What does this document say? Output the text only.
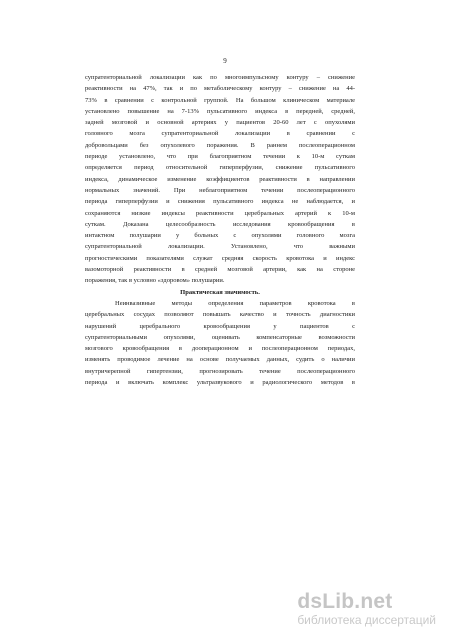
9
супратенториальной локализации как по многоимпульсному контуру – снижение
реактивности на 47%, так и по метаболическому контуру – снижение на 44-
73% в сравнении с контрольной группой. На большом клиническом материале
установлено повышение на 7-13% пульсативного индекса в передней, средней,
задней мозговой и основной артериях у пациентов 20-60 лет с опухолями
головного мозга супратенториальной локализации в сравнении с
добровольцами без опухолевого поражения. В раннем послеоперационном
периоде установлено, что при благоприятном течении к 10-м суткам
определяется период относительной гиперперфузии, снижение пульсативного
индекса, динамическое изменение коэффициентов реактивности в направлении
нормальных значений. При неблагоприятном течении послеоперационного
периода гиперперфузии и снижения пульсативного индекса не наблюдается, и
сохраняются низкие индексы реактивности церебральных артерий к 10-м
суткам. Доказана целесообразность исследования кровообращения в
интактном полушарии у больных с опухолями головного мозга
супратенториальной локализации. Установлено, что важными
прогностическими показателями служат средняя скорость кровотока и индекс
вазомоторной реактивности в средней мозговой артерии, как на стороне
поражения, так в условно «здоровом» полушарии.
Практическая значимость.
Неинвазивные методы определения параметров кровотока в
церебральных сосудах позволяют повышать качество и точность диагностики
нарушений церебрального кровообращения у пациентов с
супратенториальными опухолями, оценивать компенсаторные возможности
мозгового кровообращения в дооперационном и послеоперационном периодах,
изменять проводимое лечение на основе получаемых данных, судить о наличии
внутричерепной гипертензии, прогнозировать течение послеоперационного
периода и включать комплекс ультразвукового и радиологического методов в
dsLib.net
библиотека диссертаций
